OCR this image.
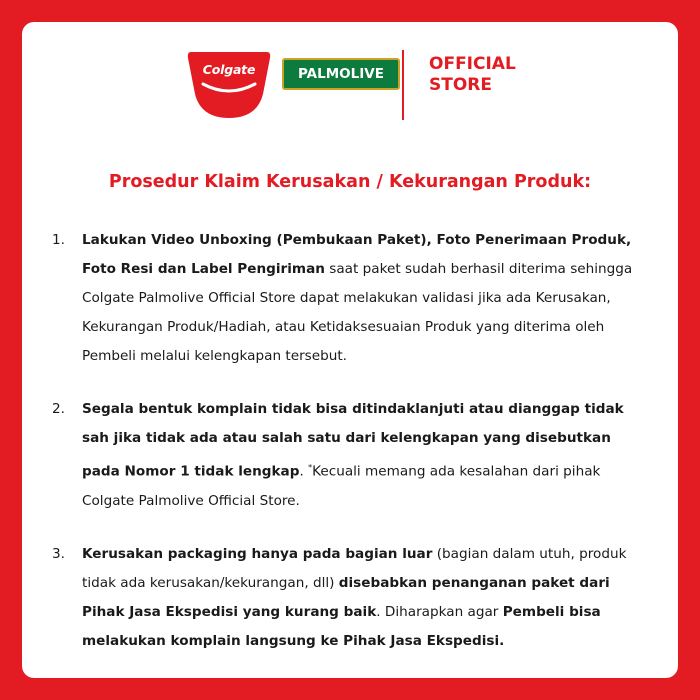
Colgate	PALMOLIVE	OFFICIAL
STORE
Prosedur Klaim Kerusakan / Kekurangan Produk:
1. Lakukan Video Unboxing (Pembukaan Paket), Foto Penerimaan Produk, Foto Resi dan Label Pengiriman saat paket sudah berhasil diterima sehingga Colgate Palmolive Official Store dapat melakukan validasi jika ada Kerusakan, Kekurangan Produk/Hadiah, atau Ketidaksesuaian Produk yang diterima oleh Pembeli melalui kelengkapan tersebut.
2. Segala bentuk komplain tidak bisa ditindaklanjuti atau dianggap tidak sah jika tidak ada atau salah satu dari kelengkapan yang disebutkan pada Nomor 1 tidak lengkap. *Kecuali memang ada kesalahan dari pihak Colgate Palmolive Official Store.
3. Kerusakan packaging hanya pada bagian luar (bagian dalam utuh, produk tidak ada kerusakan/kekurangan, dll) disebabkan penanganan paket dari Pihak Jasa Ekspedisi yang kurang baik. Diharapkan agar Pembeli bisa melakukan komplain langsung ke Pihak Jasa Ekspedisi.
